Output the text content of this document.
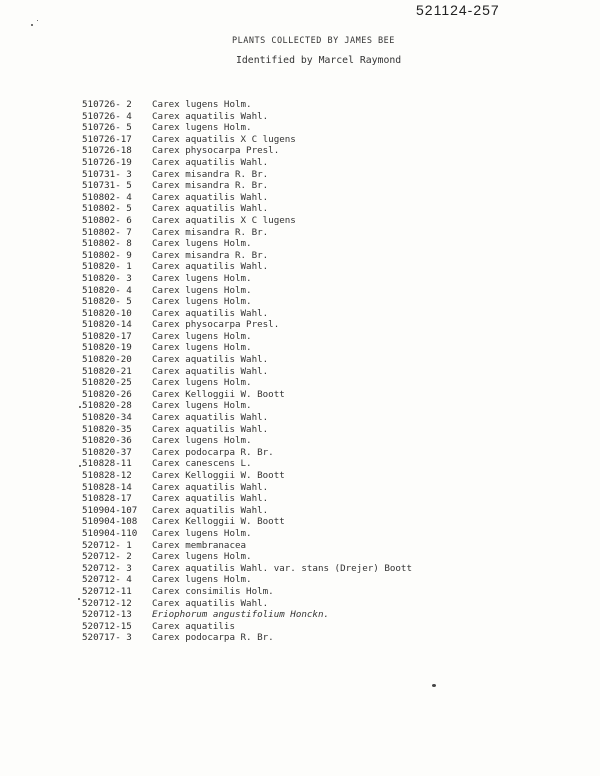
521124-257
PLANTS COLLECTED BY JAMES BEE
Identified by Marcel Raymond
510726- 2	Carex lugens Holm.
510726- 4	Carex aquatilis Wahl.
510726- 5	Carex lugens Holm.
510726-17	Carex aquatilis X C lugens
510726-18	Carex physocarpa Presl.
510726-19	Carex aquatilis Wahl.
510731- 3	Carex misandra R. Br.
510731- 5	Carex misandra R. Br.
510802- 4	Carex aquatilis Wahl.
510802- 5	Carex aquatilis Wahl.
510802- 6	Carex aquatilis X C lugens
510802- 7	Carex misandra R. Br.
510802- 8	Carex lugens Holm.
510802- 9	Carex misandra R. Br.
510820- 1	Carex aquatilis Wahl.
510820- 3	Carex lugens Holm.
510820- 4	Carex lugens Holm.
510820- 5	Carex lugens Holm.
510820-10	Carex aquatilis Wahl.
510820-14	Carex physocarpa Presl.
510820-17	Carex lugens Holm.
510820-19	Carex lugens Holm.
510820-20	Carex aquatilis Wahl.
510820-21	Carex aquatilis Wahl.
510820-25	Carex lugens Holm.
510820-26	Carex Kelloggii W. Boott
510820-28	Carex lugens Holm.
510820-34	Carex aquatilis Wahl.
510820-35	Carex aquatilis Wahl.
510820-36	Carex lugens Holm.
510820-37	Carex podocarpa R. Br.
510828-11	Carex canescens L.
510828-12	Carex Kelloggii W. Boott
510828-14	Carex aquatilis Wahl.
510828-17	Carex aquatilis Wahl.
510904-107	Carex aquatilis Wahl.
510904-108	Carex Kelloggii W. Boott
510904-110	Carex lugens Holm.
520712- 1	Carex membranacea
520712- 2	Carex lugens Holm.
520712- 3	Carex aquatilis Wahl. var. stans (Drejer) Boott
520712- 4	Carex lugens Holm.
520712-11	Carex consimilis Holm.
520712-12	Carex aquatilis Wahl.
520712-13	Eriophorum angustifolium Honckn.
520712-15	Carex aquatilis
520717- 3	Carex podocarpa R. Br.
